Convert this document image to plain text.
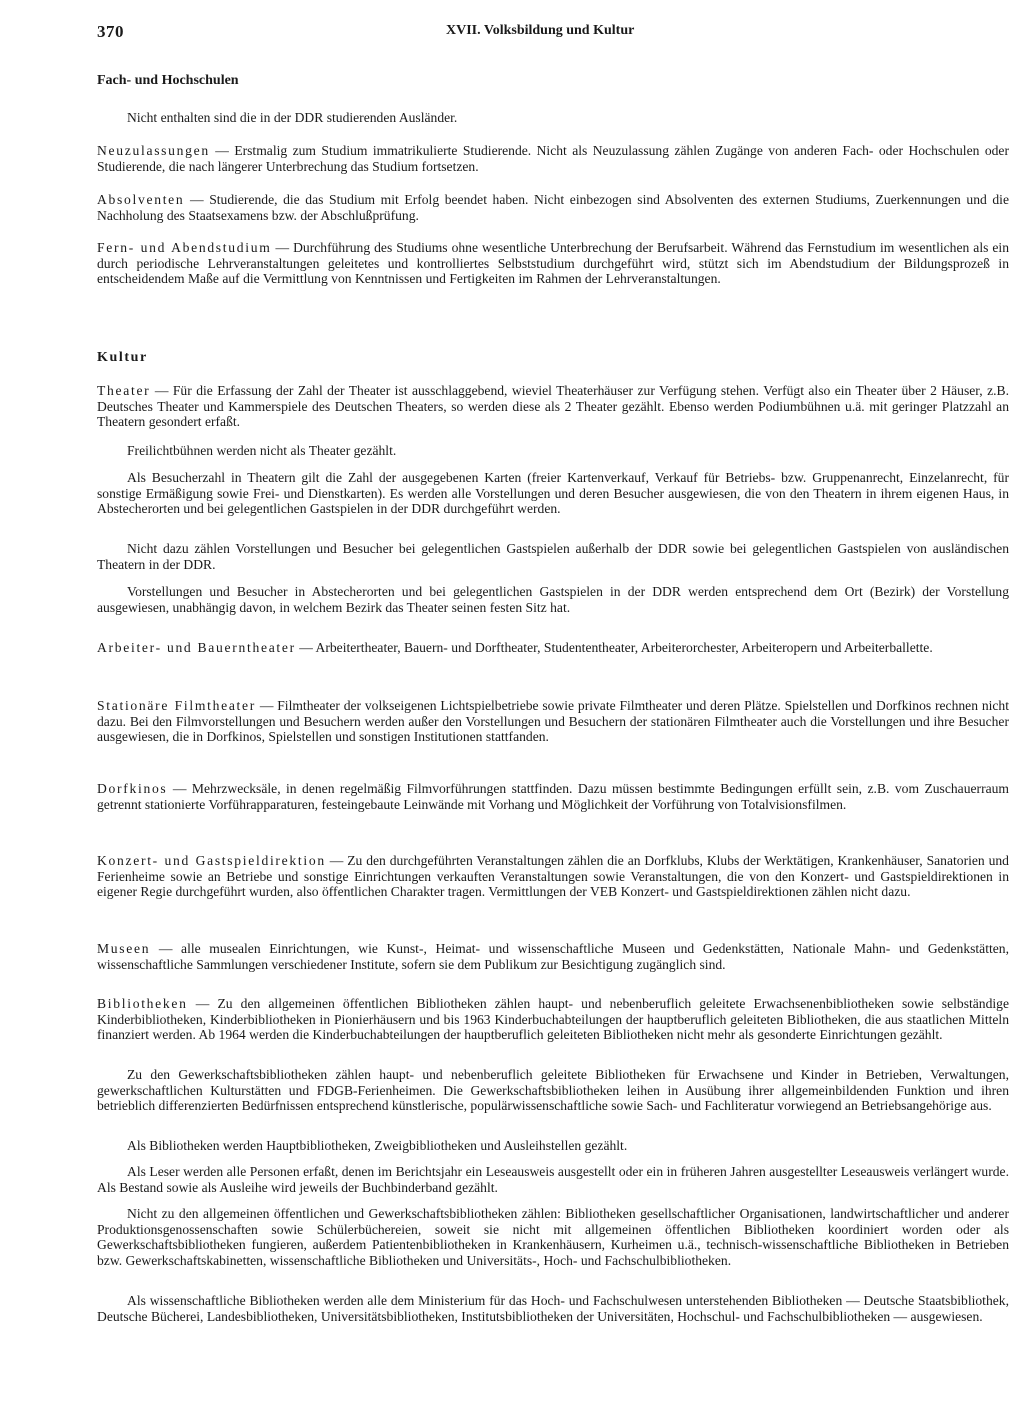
370	XVII. Volksbildung und Kultur
Fach- und Hochschulen

Nicht enthalten sind die in der DDR studierenden Ausländer.

Neuzulassungen — Erstmalig zum Studium immatrikulierte Studierende. Nicht als Neuzulassung zählen Zugänge von anderen Fach- oder Hochschulen oder Studierende, die nach längerer Unterbrechung das Studium fortsetzen.

Absolventen — Studierende, die das Studium mit Erfolg beendet haben. Nicht einbezogen sind Absolventen des externen Studiums, Zuerkennungen und die Nachholung des Staatsexamens bzw. der Abschlußprüfung.

Fern- und Abendstudium — Durchführung des Studiums ohne wesentliche Unterbrechung der Berufsarbeit. Während das Fernstudium im wesentlichen als ein durch periodische Lehrveranstaltungen geleitetes und kontrolliertes Selbststudium durchgeführt wird, stützt sich im Abendstudium der Bildungsprozeß in entscheidendem Maße auf die Vermittlung von Kenntnissen und Fertigkeiten im Rahmen der Lehrveranstaltungen.

Kultur

Theater — Für die Erfassung der Zahl der Theater ist ausschlaggebend, wieviel Theaterhäuser zur Verfügung stehen. Verfügt also ein Theater über 2 Häuser, z.B. Deutsches Theater und Kammerspiele des Deutschen Theaters, so werden diese als 2 Theater gezählt. Ebenso werden Podiumbühnen u.ä. mit geringer Platzzahl an Theatern gesondert erfaßt.

Freilichtbühnen werden nicht als Theater gezählt.

Als Besucherzahl in Theatern gilt die Zahl der ausgegebenen Karten (freier Kartenverkauf, Verkauf für Betriebs- bzw. Gruppenanrecht, Einzelanrecht, für sonstige Ermäßigung sowie Frei- und Dienstkarten). Es werden alle Vorstellungen und deren Besucher ausgewiesen, die von den Theatern in ihrem eigenen Haus, in Abstecherorten und bei gelegentlichen Gastspielen in der DDR durchgeführt werden.

Nicht dazu zählen Vorstellungen und Besucher bei gelegentlichen Gastspielen außerhalb der DDR sowie bei gelegentlichen Gastspielen von ausländischen Theatern in der DDR.

Vorstellungen und Besucher in Abstecherorten und bei gelegentlichen Gastspielen in der DDR werden entsprechend dem Ort (Bezirk) der Vorstellung ausgewiesen, unabhängig davon, in welchem Bezirk das Theater seinen festen Sitz hat.

Arbeiter- und Bauerntheater — Arbeitertheater, Bauern- und Dorftheater, Studententheater, Arbeiterorchester, Arbeiteropern und Arbeiterballette.

Stationäre Filmtheater — Filmtheater der volkseigenen Lichtspielbetriebe sowie private Filmtheater und deren Plätze. Spielstellen und Dorfkinos rechnen nicht dazu. Bei den Filmvorstellungen und Besuchern werden außer den Vorstellungen und Besuchern der stationären Filmtheater auch die Vorstellungen und ihre Besucher ausgewiesen, die in Dorfkinos, Spielstellen und sonstigen Institutionen stattfanden.

Dorfkinos — Mehrzwecksäle, in denen regelmäßig Filmvorführungen stattfinden. Dazu müssen bestimmte Bedingungen erfüllt sein, z.B. vom Zuschauerraum getrennt stationierte Vorführapparaturen, festeingebaute Leinwände mit Vorhang und Möglichkeit der Vorführung von Totalvisionsfilmen.

Konzert- und Gastspieldirektion — Zu den durchgeführten Veranstaltungen zählen die an Dorfklubs, Klubs der Werktätigen, Krankenhäuser, Sanatorien und Ferienheime sowie an Betriebe und sonstige Einrichtungen verkauften Veranstaltungen sowie Veranstaltungen, die von den Konzert- und Gastspieldirektionen in eigener Regie durchgeführt wurden, also öffentlichen Charakter tragen. Vermittlungen der VEB Konzert- und Gastspieldirektionen zählen nicht dazu.

Museen — alle musealen Einrichtungen, wie Kunst-, Heimat- und wissenschaftliche Museen und Gedenkstätten, Nationale Mahn- und Gedenkstätten, wissenschaftliche Sammlungen verschiedener Institute, sofern sie dem Publikum zur Besichtigung zugänglich sind.

Bibliotheken — Zu den allgemeinen öffentlichen Bibliotheken zählen haupt- und nebenberuflich geleitete Erwachsenenbibliotheken sowie selbständige Kinderbibliotheken, Kinderbibliotheken in Pionierhäusern und bis 1963 Kinderbuchabteilungen der hauptberuflich geleiteten Bibliotheken, die aus staatlichen Mitteln finanziert werden. Ab 1964 werden die Kinderbuchabteilungen der hauptberuflich geleiteten Bibliotheken nicht mehr als gesonderte Einrichtungen gezählt.

Zu den Gewerkschaftsbibliotheken zählen haupt- und nebenberuflich geleitete Bibliotheken für Erwachsene und Kinder in Betrieben, Verwaltungen, gewerkschaftlichen Kulturstätten und FDGB-Ferienheimen. Die Gewerkschaftsbibliotheken leihen in Ausübung ihrer allgemeinbildenden Funktion und ihren betrieblich differenzierten Bedürfnissen entsprechend künstlerische, populärwissenschaftliche sowie Sach- und Fachliteratur vorwiegend an Betriebsangehörige aus.

Als Bibliotheken werden Hauptbibliotheken, Zweigbibliotheken und Ausleihstellen gezählt.

Als Leser werden alle Personen erfaßt, denen im Berichtsjahr ein Leseausweis ausgestellt oder ein in früheren Jahren ausgestellter Leseausweis verlängert wurde. Als Bestand sowie als Ausleihe wird jeweils der Buchbinderband gezählt.

Nicht zu den allgemeinen öffentlichen und Gewerkschaftsbibliotheken zählen: Bibliotheken gesellschaftlicher Organisationen, landwirtschaftlicher und anderer Produktionsgenossenschaften sowie Schülerbüchereien, soweit sie nicht mit allgemeinen öffentlichen Bibliotheken koordiniert worden oder als Gewerkschaftsbibliotheken fungieren, außerdem Patientenbibliotheken in Krankenhäusern, Kurheimen u.ä., technisch-wissenschaftliche Bibliotheken in Betrieben bzw. Gewerkschaftskabinetten, wissenschaftliche Bibliotheken und Universitäts-, Hoch- und Fachschulbibliotheken.

Als wissenschaftliche Bibliotheken werden alle dem Ministerium für das Hoch- und Fachschulwesen unterstehenden Bibliotheken — Deutsche Staatsbibliothek, Deutsche Bücherei, Landesbibliotheken, Universitätsbibliotheken, Institutsbibliotheken der Universitäten, Hochschul- und Fachschulbibliotheken — ausgewiesen.
